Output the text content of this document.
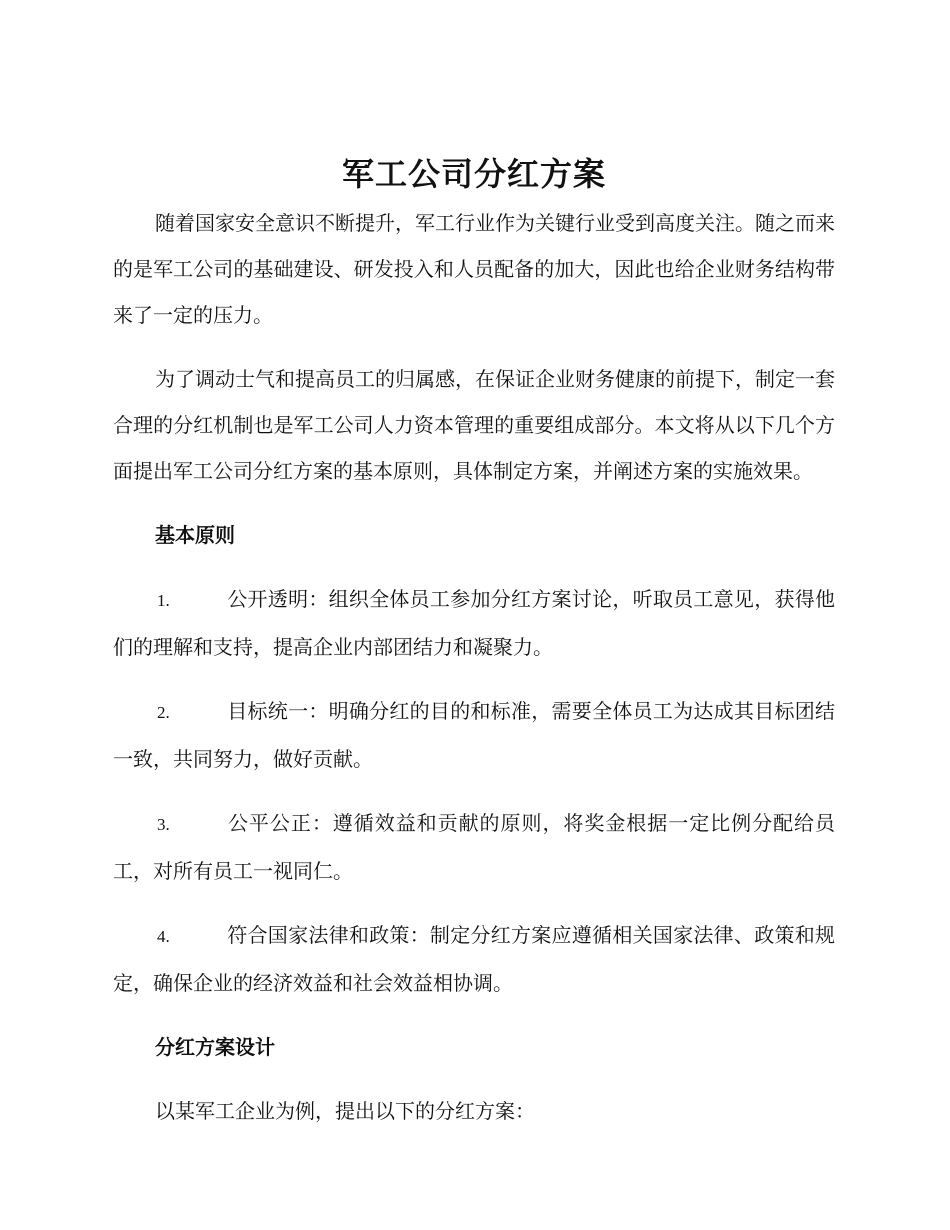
军工公司分红方案

随着国家安全意识不断提升，军工行业作为关键行业受到高度关注。随之而来的是军工公司的基础建设、研发投入和人员配备的加大，因此也给企业财务结构带来了一定的压力。

为了调动士气和提高员工的归属感，在保证企业财务健康的前提下，制定一套合理的分红机制也是军工公司人力资本管理的重要组成部分。本文将从以下几个方面提出军工公司分红方案的基本原则，具体制定方案，并阐述方案的实施效果。

基本原则
1.	公开透明：组织全体员工参加分红方案讨论，听取员工意见，获得他们的理解和支持，提高企业内部团结力和凝聚力。
2.	目标统一：明确分红的目的和标准，需要全体员工为达成其目标团结一致，共同努力，做好贡献。
3.	公平公正：遵循效益和贡献的原则，将奖金根据一定比例分配给员工，对所有员工一视同仁。
4.	符合国家法律和政策：制定分红方案应遵循相关国家法律、政策和规定，确保企业的经济效益和社会效益相协调。
分红方案设计

以某军工企业为例，提出以下的分红方案：
